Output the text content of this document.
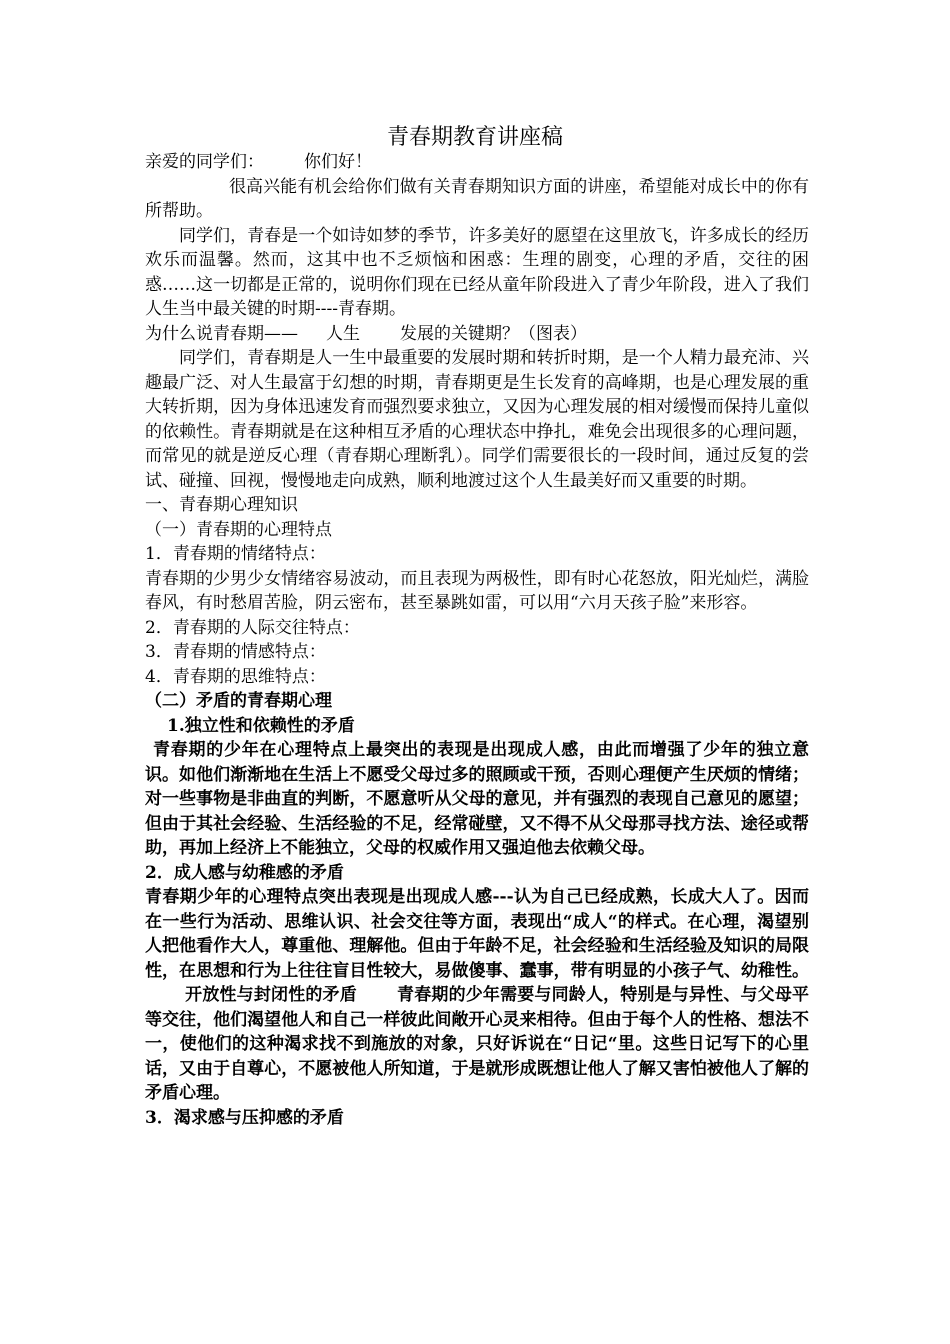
青春期教育讲座稿

亲爱的同学们： 你们好！

很高兴能有机会给你们做有关青春期知识方面的讲座，希望能对成长中的你有所帮助。

同学们，青春是一个如诗如梦的季节，许多美好的愿望在这里放飞，许多成长的经历欢乐而温馨。然而，这其中也不乏烦恼和困惑：生理的剧变，心理的矛盾，交往的困惑……这一切都是正常的，说明你们现在已经从童年阶段进入了青少年阶段，进入了我们人生当中最关键的时期----青春期。

为什么说青春期—— 人生 发展的关键期？（图表）

同学们，青春期是人一生中最重要的发展时期和转折时期，是一个人精力最充沛、兴趣最广泛、对人生最富于幻想的时期，青春期更是生长发育的高峰期，也是心理发展的重大转折期，因为身体迅速发育而强烈要求独立，又因为心理发展的相对缓慢而保持儿童似的依赖性。青春期就是在这种相互矛盾的心理状态中挣扎，难免会出现很多的心理问题，而常见的就是逆反心理（青春期心理断乳）。同学们需要很长的一段时间，通过反复的尝试、碰撞、回视，慢慢地走向成熟，顺利地渡过这个人生最美好而又重要的时期。

一、青春期心理知识

（一）青春期的心理特点

1．青春期的情绪特点：

青春期的少男少女情绪容易波动，而且表现为两极性，即有时心花怒放，阳光灿烂，满脸春风，有时愁眉苦脸，阴云密布，甚至暴跳如雷，可以用“六月天孩子脸”来形容。

2．青春期的人际交往特点：

3．青春期的情感特点：

4．青春期的思维特点：

（二）矛盾的青春期心理

1.独立性和依赖性的矛盾

青春期的少年在心理特点上最突出的表现是出现成人感，由此而增强了少年的独立意识。如他们渐渐地在生活上不愿受父母过多的照顾或干预，否则心理便产生厌烦的情绪；对一些事物是非曲直的判断，不愿意听从父母的意见，并有强烈的表现自己意见的愿望；但由于其社会经验、生活经验的不足，经常碰壁，又不得不从父母那寻找方法、途径或帮助，再加上经济上不能独立，父母的权威作用又强迫他去依赖父母。

2．成人感与幼稚感的矛盾

青春期少年的心理特点突出表现是出现成人感---认为自己已经成熟，长成大人了。因而在一些行为活动、思维认识、社会交往等方面，表现出“成人“的样式。在心理，渴望别人把他看作大人，尊重他、理解他。但由于年龄不足，社会经验和生活经验及知识的局限性，在思想和行为上往往盲目性较大，易做傻事、蠢事，带有明显的小孩子气、幼稚性。开放性与封闭性的矛盾 青春期的少年需要与同龄人，特别是与异性、与父母平等交往，他们渴望他人和自己一样彼此间敞开心灵来相待。但由于每个人的性格、想法不一，使他们的这种渴求找不到施放的对象，只好诉说在“日记“里。这些日记写下的心里话，又由于自尊心，不愿被他人所知道，于是就形成既想让他人了解又害怕被他人了解的矛盾心理。

3．渴求感与压抑感的矛盾
